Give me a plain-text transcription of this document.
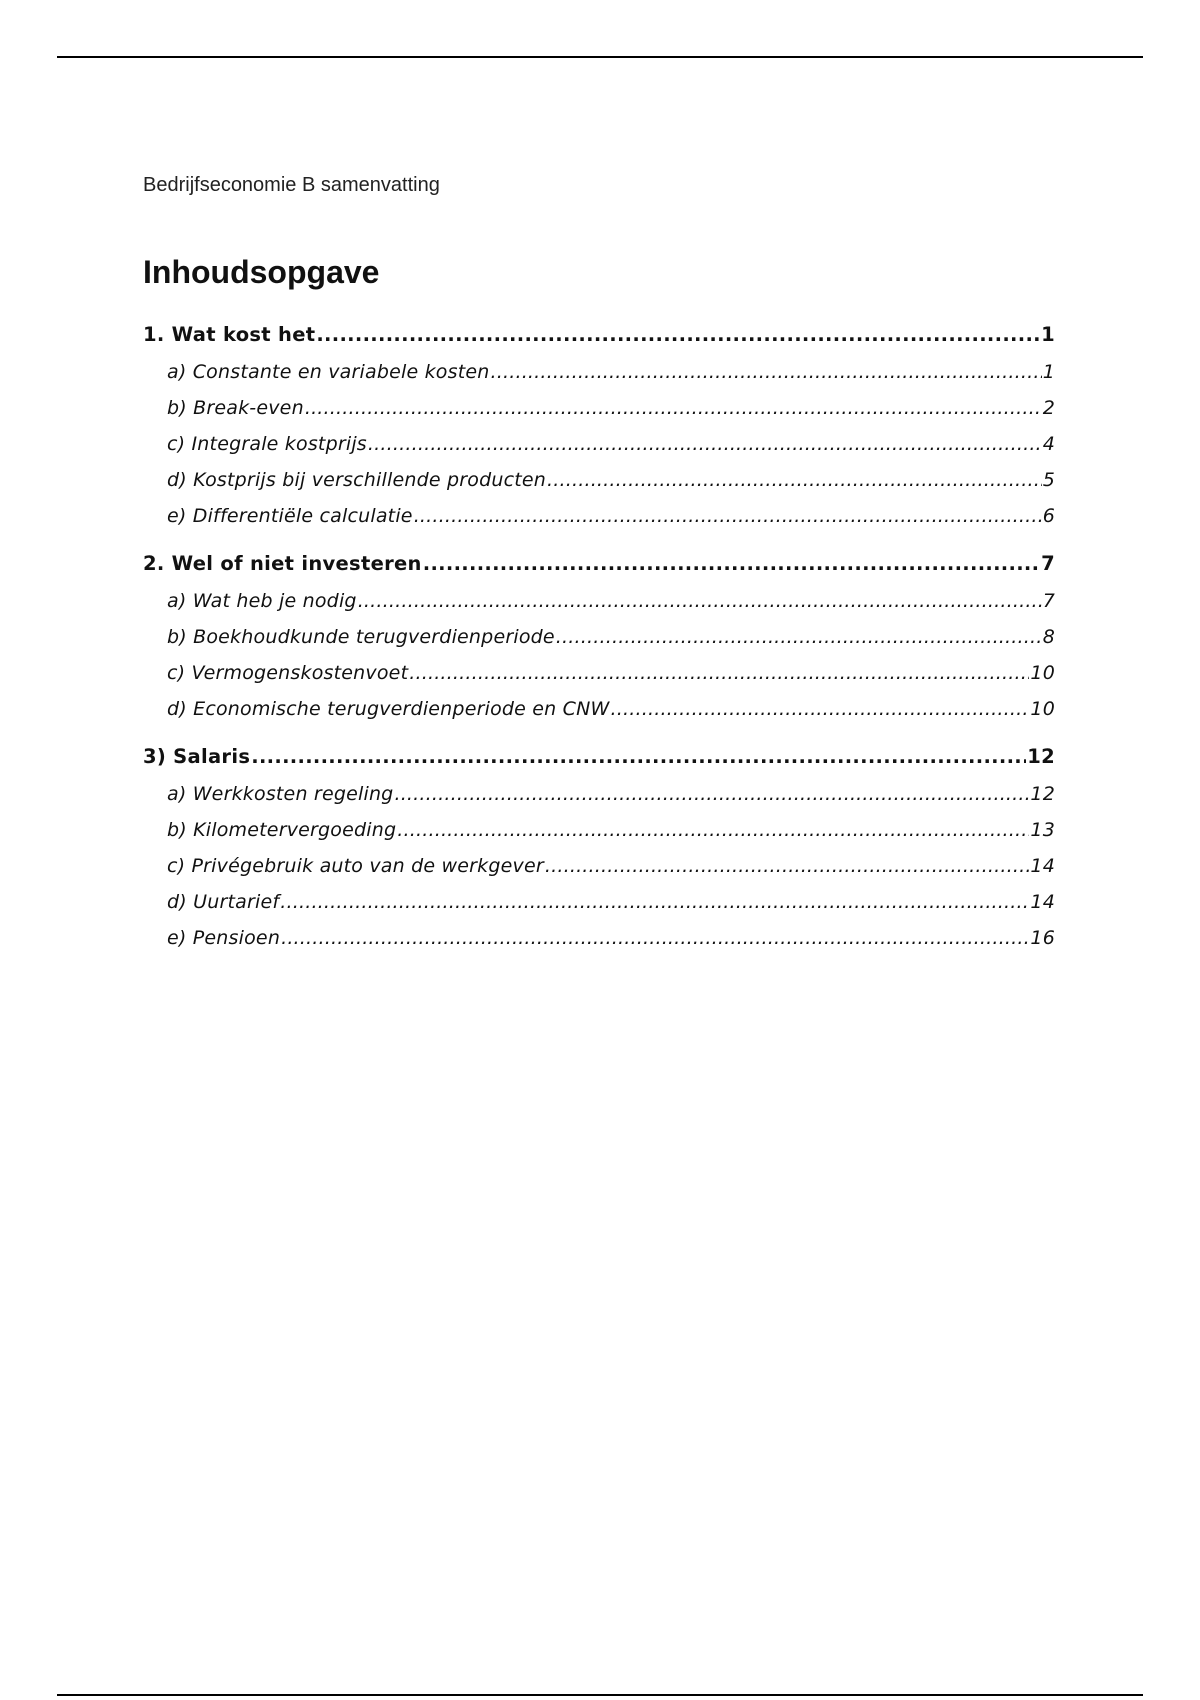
Bedrijfseconomie B samenvatting
Inhoudsopgave
1. Wat kost het .....	1
a) Constante en variabele kosten .....	1
b) Break-even .....	2
c) Integrale kostprijs .....	4
d) Kostprijs bij verschillende producten .....	5
e) Differentiële calculatie .....	6
2. Wel of niet investeren .....	7
a) Wat heb je nodig .....	7
b) Boekhoudkunde terugverdienperiode .....	8
c) Vermogenskostenvoet .....	10
d) Economische terugverdienperiode en CNW .....	10
3) Salaris .....	12
a) Werkkosten regeling .....	12
b) Kilometervergoeding .....	13
c) Privégebruik auto van de werkgever .....	14
d) Uurtarief .....	14
e) Pensioen .....	16
